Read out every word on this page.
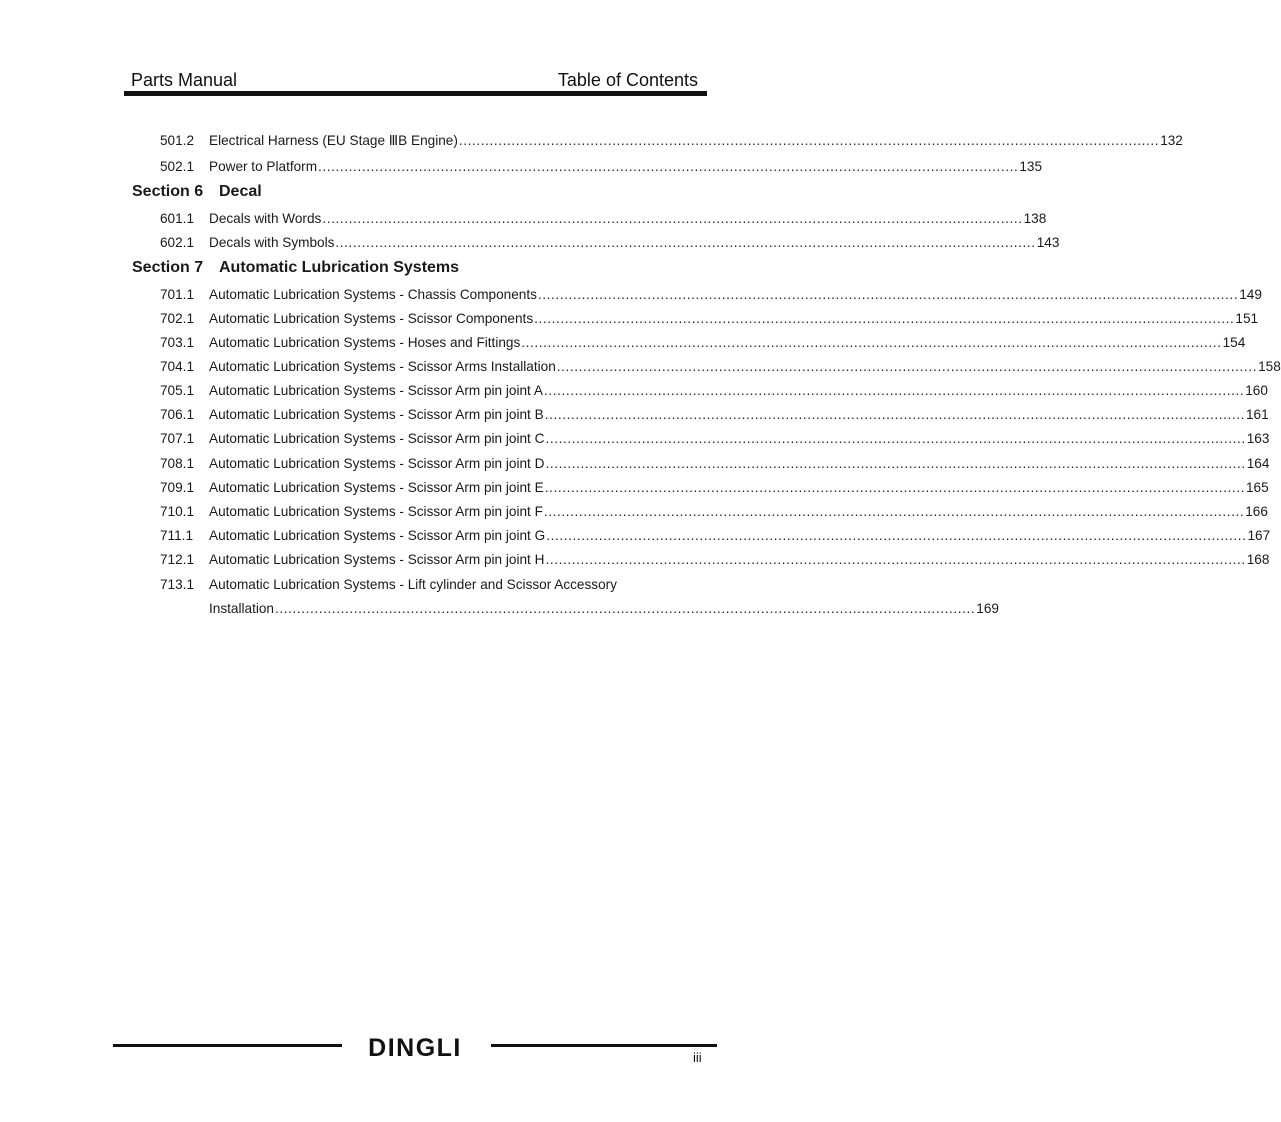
Parts Manual	Table of Contents
501.2	Electrical Harness (EU Stage ⅢB Engine) ................................................................................................................................................................ 132
502.1	Power to Platform ................................................................................................................................................................ 135
Section 6 Decal
601.1	Decals with Words ................................................................................................................................................................ 138
602.1	Decals with Symbols ................................................................................................................................................................ 143
Section 7 Automatic Lubrication Systems
701.1	Automatic Lubrication Systems - Chassis Components ................................................................................................................................................................ 149
702.1	Automatic Lubrication Systems - Scissor Components ................................................................................................................................................................ 151
703.1	Automatic Lubrication Systems - Hoses and Fittings ................................................................................................................................................................ 154
704.1	Automatic Lubrication Systems - Scissor Arms Installation ................................................................................................................................................................ 158
705.1	Automatic Lubrication Systems - Scissor Arm pin joint A ................................................................................................................................................................ 160
706.1	Automatic Lubrication Systems - Scissor Arm pin joint B ................................................................................................................................................................ 161
707.1	Automatic Lubrication Systems - Scissor Arm pin joint C ................................................................................................................................................................ 163
708.1	Automatic Lubrication Systems - Scissor Arm pin joint D ................................................................................................................................................................ 164
709.1	Automatic Lubrication Systems - Scissor Arm pin joint E ................................................................................................................................................................ 165
710.1	Automatic Lubrication Systems - Scissor Arm pin joint F ................................................................................................................................................................ 166
711.1	Automatic Lubrication Systems - Scissor Arm pin joint G ................................................................................................................................................................ 167
712.1	Automatic Lubrication Systems - Scissor Arm pin joint H ................................................................................................................................................................ 168
713.1	Automatic Lubrication Systems - Lift cylinder and Scissor Accessory
Installation ................................................................................................................................................................ 169
DINGLI	iii
